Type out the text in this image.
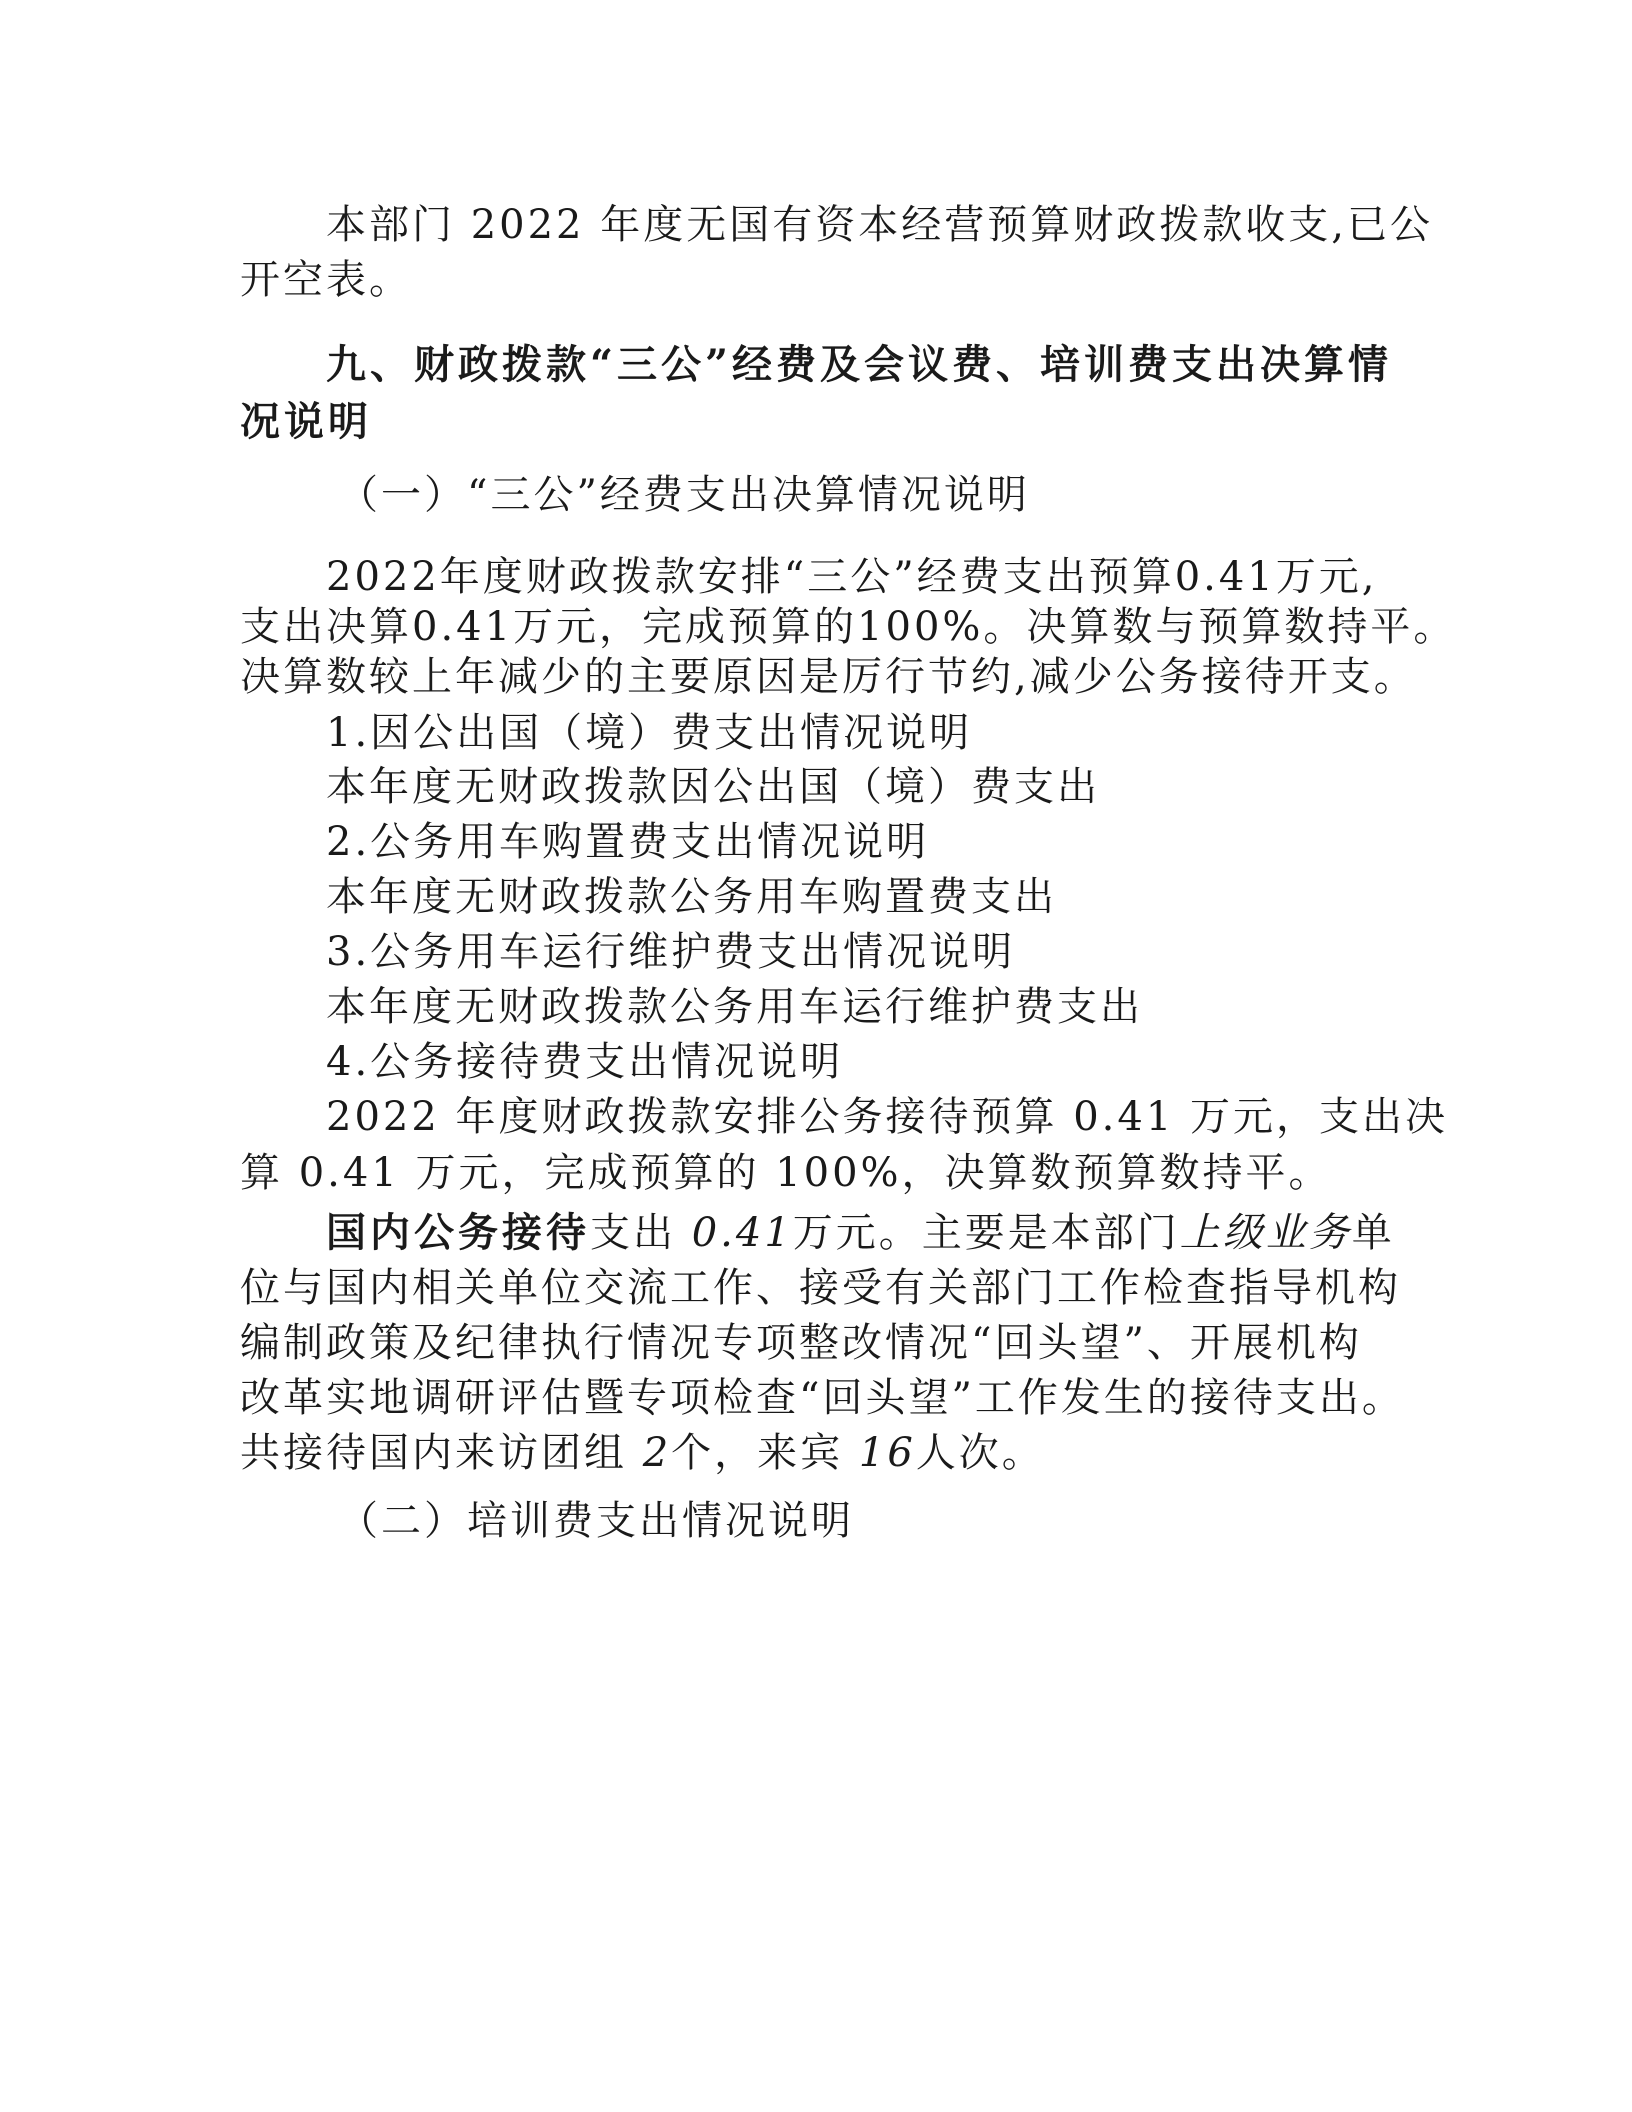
本部门 2022 年度无国有资本经营预算财政拨款收支,已公
开空表。
九、财政拨款“三公”经费及会议费、培训费支出决算情
况说明
（一）“三公”经费支出决算情况说明
2022年度财政拨款安排“三公”经费支出预算0.41万元,
支出决算0.41万元，完成预算的100%。决算数与预算数持平。
决算数较上年减少的主要原因是厉行节约,减少公务接待开支。
1.因公出国（境）费支出情况说明
本年度无财政拨款因公出国（境）费支出
2.公务用车购置费支出情况说明
本年度无财政拨款公务用车购置费支出
3.公务用车运行维护费支出情况说明
本年度无财政拨款公务用车运行维护费支出
4.公务接待费支出情况说明
2022 年度财政拨款安排公务接待预算 0.41 万元，支出决
算 0.41 万元，完成预算的 100%，决算数预算数持平。
国内公务接待支出 0.41万元。主要是本部门上级业务单
位与国内相关单位交流工作、接受有关部门工作检查指导机构
编制政策及纪律执行情况专项整改情况“回头望”、开展机构
改革实地调研评估暨专项检查“回头望”工作发生的接待支出。
共接待国内来访团组 2个，来宾 16人次。
（二）培训费支出情况说明
